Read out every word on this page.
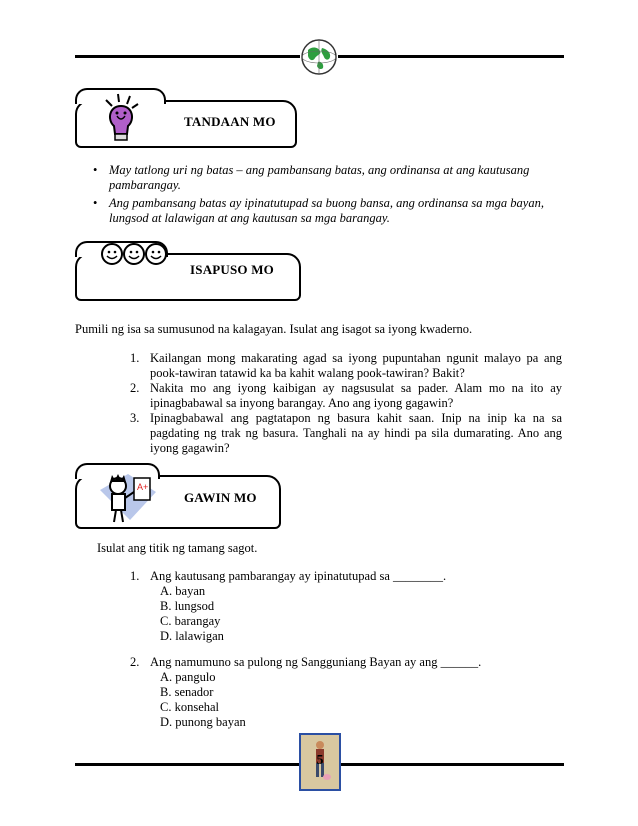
TANDAAN MO
• May tatlong uri ng batas – ang pambansang batas, ang ordinansa at ang kautusang pambarangay.
• Ang pambansang batas ay ipinatutupad sa buong bansa, ang ordinansa sa mga bayan, lungsod at lalawigan at ang kautusan sa mga barangay.
ISAPUSO MO
Pumili ng isa sa sumusunod na kalagayan. Isulat ang isagot sa iyong kwaderno.
1. Kailangan mong makarating agad sa iyong pupuntahan ngunit malayo pa ang pook-tawiran tatawid ka ba kahit walang pook-tawiran? Bakit?
2. Nakita mo ang iyong kaibigan ay nagsusulat sa pader. Alam mo na ito ay ipinagbabawal sa inyong barangay. Ano ang iyong gagawin?
3. Ipinagbabawal ang pagtatapon ng basura kahit saan. Inip na inip ka na sa pagdating ng trak ng basura. Tanghali na ay hindi pa sila dumarating. Ano ang iyong gagawin?
A+
GAWIN MO
Isulat ang titik ng tamang sagot.
1. Ang kautusang pambarangay ay ipinatutupad sa ________.
A. bayan
B. lungsod
C. barangay
D. lalawigan
2. Ang namumuno sa pulong ng Sangguniang Bayan ay ang ______.
A. pangulo
B. senador
C. konsehal
D. punong bayan
5
